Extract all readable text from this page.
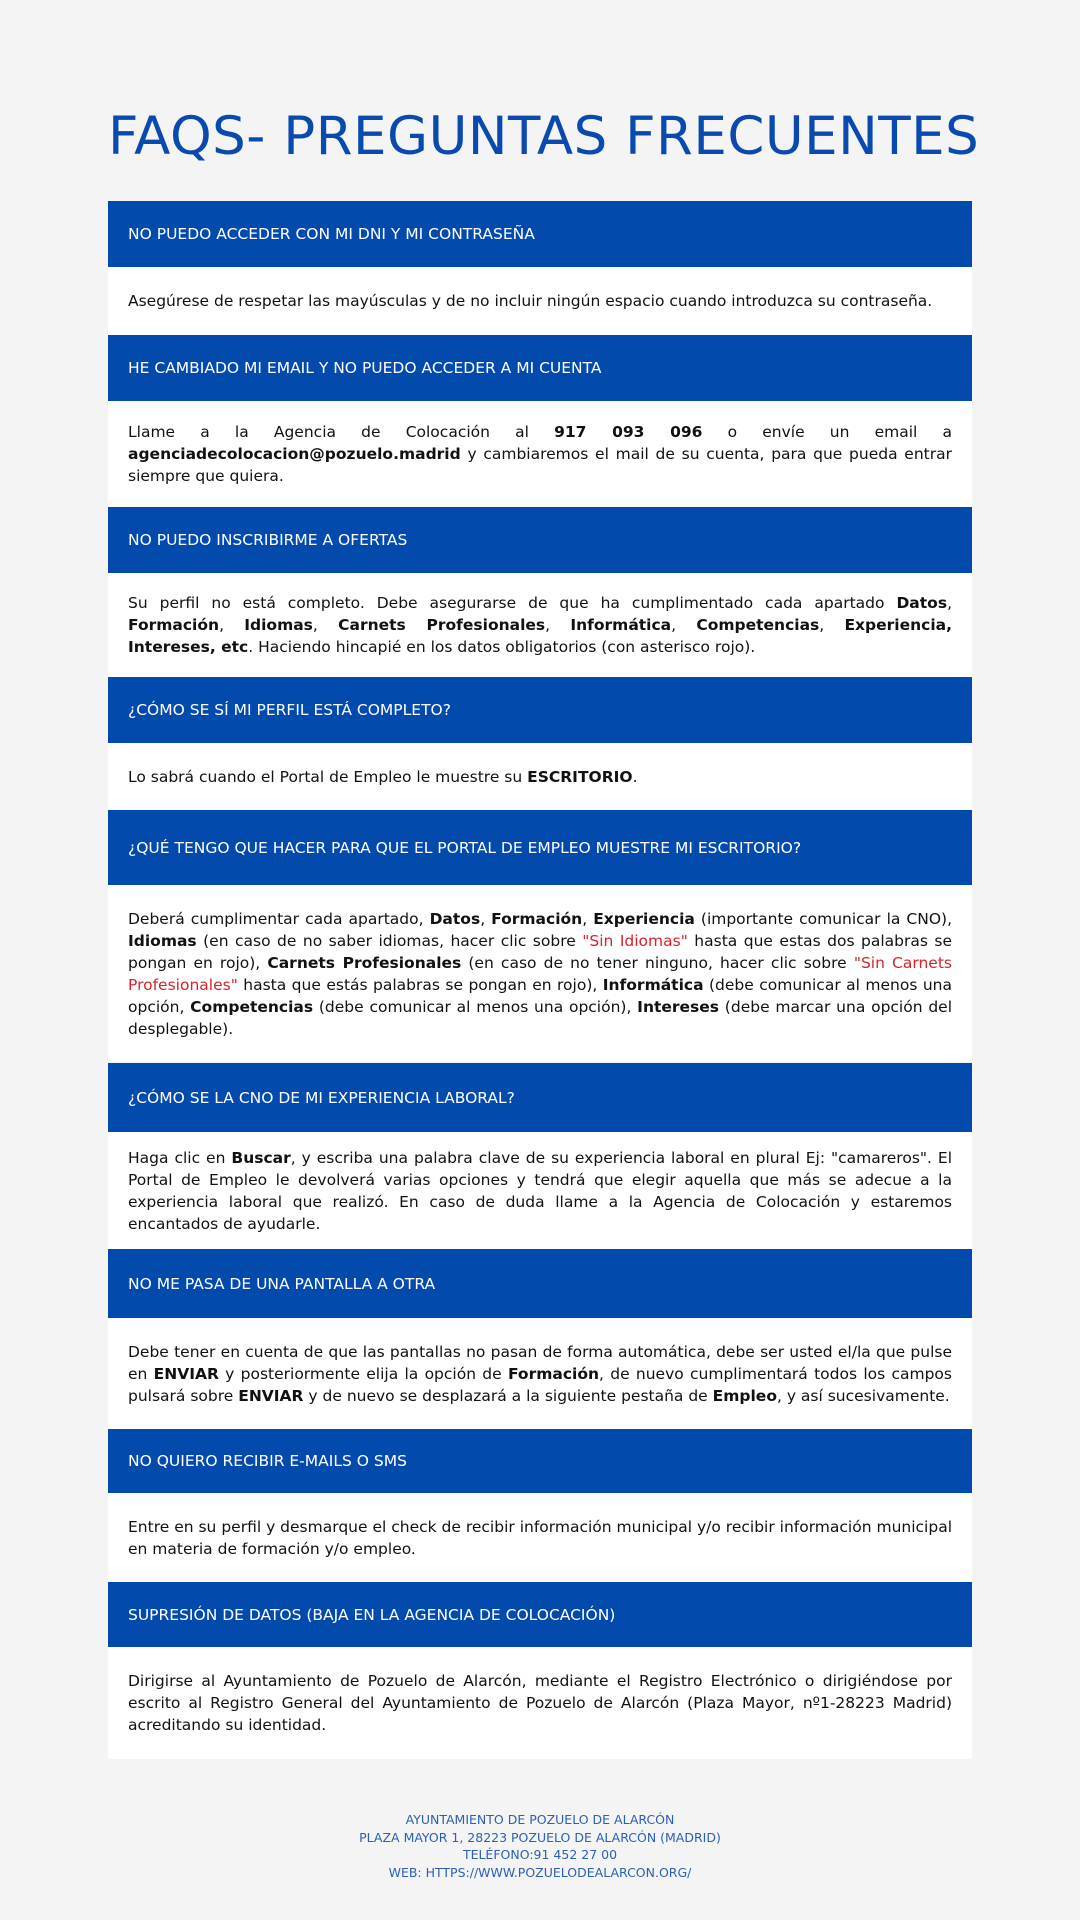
FAQS- PREGUNTAS FRECUENTES
NO PUEDO ACCEDER CON MI DNI Y MI CONTRASEÑA
Asegúrese de respetar las mayúsculas y de no incluir ningún espacio cuando introduzca su contraseña.
HE CAMBIADO MI EMAIL Y NO PUEDO ACCEDER A MI CUENTA
Llame a la Agencia de Colocación al 917 093 096 o envíe un email a agenciadecolocacion@pozuelo.madrid y cambiaremos el mail de su cuenta, para que pueda entrar siempre que quiera.
NO PUEDO INSCRIBIRME A OFERTAS
Su perfil no está completo. Debe asegurarse de que ha cumplimentado cada apartado Datos, Formación, Idiomas, Carnets Profesionales, Informática, Competencias, Experiencia, Intereses, etc. Haciendo hincapié en los datos obligatorios (con asterisco rojo).
¿CÓMO SE SÍ MI PERFIL ESTÁ COMPLETO?
Lo sabrá cuando el Portal de Empleo le muestre su ESCRITORIO.
¿QUÉ TENGO QUE HACER PARA QUE EL PORTAL DE EMPLEO MUESTRE MI ESCRITORIO?
Deberá cumplimentar cada apartado, Datos, Formación, Experiencia (importante comunicar la CNO), Idiomas (en caso de no saber idiomas, hacer clic sobre "Sin Idiomas" hasta que estas dos palabras se pongan en rojo), Carnets Profesionales (en caso de no tener ninguno, hacer clic sobre "Sin Carnets Profesionales" hasta que estás palabras se pongan en rojo), Informática (debe comunicar al menos una opción, Competencias (debe comunicar al menos una opción), Intereses (debe marcar una opción del desplegable).
¿CÓMO SE LA CNO DE MI EXPERIENCIA LABORAL?
Haga clic en Buscar, y escriba una palabra clave de su experiencia laboral en plural Ej: "camareros". El Portal de Empleo le devolverá varias opciones y tendrá que elegir aquella que más se adecue a la experiencia laboral que realizó. En caso de duda llame a la Agencia de Colocación y estaremos encantados de ayudarle.
NO ME PASA DE UNA PANTALLA A OTRA
Debe tener en cuenta de que las pantallas no pasan de forma automática, debe ser usted el/la que pulse en ENVIAR y posteriormente elija la opción de Formación, de nuevo cumplimentará todos los campos pulsará sobre ENVIAR y de nuevo se desplazará a la siguiente pestaña de Empleo, y así sucesivamente.
NO QUIERO RECIBIR E-MAILS O SMS
Entre en su perfil y desmarque el check de recibir información municipal y/o recibir información municipal en materia de formación y/o empleo.
SUPRESIÓN DE DATOS (BAJA EN LA AGENCIA DE COLOCACIÓN)
Dirigirse al Ayuntamiento de Pozuelo de Alarcón, mediante el Registro Electrónico o dirigiéndose por escrito al Registro General del Ayuntamiento de Pozuelo de Alarcón (Plaza Mayor, nº1-28223 Madrid) acreditando su identidad.
AYUNTAMIENTO DE POZUELO DE ALARCÓN
PLAZA MAYOR 1, 28223 POZUELO DE ALARCÓN (MADRID)
TELÉFONO:91 452 27 00
WEB: HTTPS://WWW.POZUELODEALARCON.ORG/
